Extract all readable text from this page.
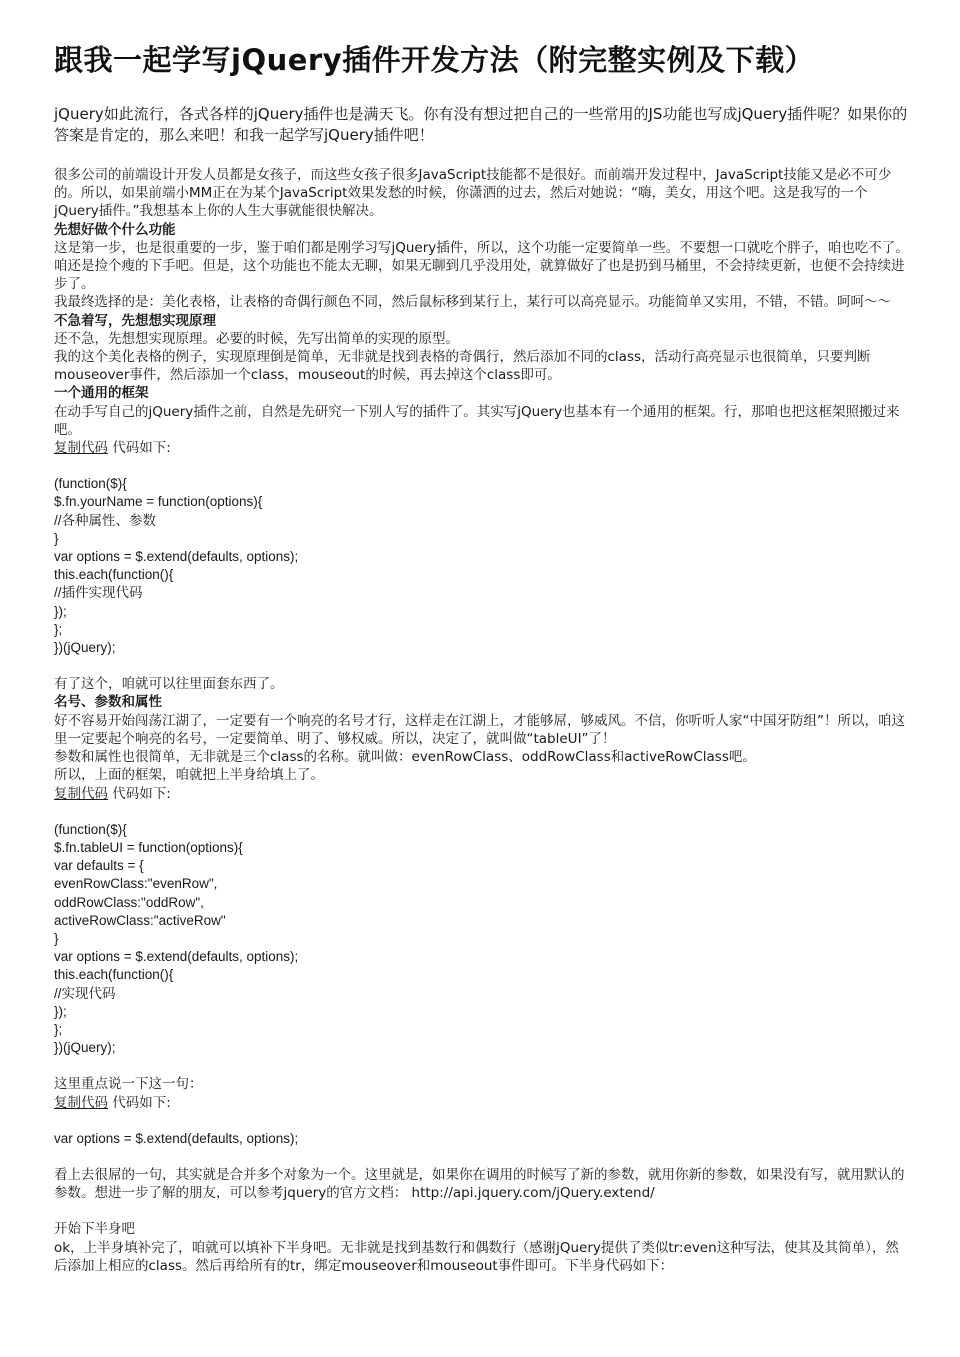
跟我一起学写jQuery插件开发方法（附完整实例及下载）

jQuery如此流行，各式各样的jQuery插件也是满天飞。你有没有想过把自己的一些常用的JS功能也写成jQuery插件呢？如果你的答案是肯定的，那么来吧！和我一起学写jQuery插件吧！

很多公司的前端设计开发人员都是女孩子，而这些女孩子很多JavaScript技能都不是很好。而前端开发过程中，JavaScript技能又是必不可少的。所以，如果前端小MM正在为某个JavaScript效果发愁的时候，你潇洒的过去，然后对她说：“嗨，美女，用这个吧。这是我写的一个jQuery插件。”我想基本上你的人生大事就能很快解决。

先想好做个什么功能

这是第一步，也是很重要的一步，鉴于咱们都是刚学习写jQuery插件，所以，这个功能一定要简单一些。不要想一口就吃个胖子，咱也吃不了。咱还是捡个瘦的下手吧。但是，这个功能也不能太无聊，如果无聊到几乎没用处，就算做好了也是扔到马桶里，不会持续更新，也便不会持续进步了。

我最终选择的是：美化表格，让表格的奇偶行颜色不同，然后鼠标移到某行上，某行可以高亮显示。功能简单又实用，不错，不错。呵呵～～

不急着写，先想想实现原理

还不急，先想想实现原理。必要的时候，先写出简单的实现的原型。

我的这个美化表格的例子，实现原理倒是简单，无非就是找到表格的奇偶行，然后添加不同的class，活动行高亮显示也很简单，只要判断mouseover事件，然后添加一个class，mouseout的时候，再去掉这个class即可。

一个通用的框架

在动手写自己的jQuery插件之前，自然是先研究一下别人写的插件了。其实写jQuery也基本有一个通用的框架。行，那咱也把这框架照搬过来吧。

复制代码 代码如下:

(function($){
$.fn.yourName = function(options){
//各种属性、参数
}
var options = $.extend(defaults, options);
this.each(function(){
//插件实现代码
});
};
})(jQuery);

有了这个，咱就可以往里面套东西了。

名号、参数和属性

好不容易开始闯荡江湖了，一定要有一个响亮的名号才行，这样走在江湖上，才能够屌，够威风。不信，你听听人家“中国牙防组”！所以，咱这里一定要起个响亮的名号，一定要简单、明了、够权威。所以，决定了，就叫做“tableUI”了！

参数和属性也很简单，无非就是三个class的名称。就叫做：evenRowClass、oddRowClass和activeRowClass吧。

所以，上面的框架，咱就把上半身给填上了。

复制代码 代码如下:

(function($){
$.fn.tableUI = function(options){
var defaults = {
evenRowClass:"evenRow",
oddRowClass:"oddRow",
activeRowClass:"activeRow"
}
var options = $.extend(defaults, options);
this.each(function(){
//实现代码
});
};
})(jQuery);

这里重点说一下这一句：

复制代码 代码如下:

var options = $.extend(defaults, options);

看上去很屌的一句，其实就是合并多个对象为一个。这里就是，如果你在调用的时候写了新的参数，就用你新的参数，如果没有写，就用默认的参数。想进一步了解的朋友，可以参考jquery的官方文档： http://api.jquery.com/jQuery.extend/

开始下半身吧

ok，上半身填补完了，咱就可以填补下半身吧。无非就是找到基数行和偶数行（感谢jQuery提供了类似tr:even这种写法，使其及其简单），然后添加上相应的class。然后再给所有的tr，绑定mouseover和mouseout事件即可。下半身代码如下：
